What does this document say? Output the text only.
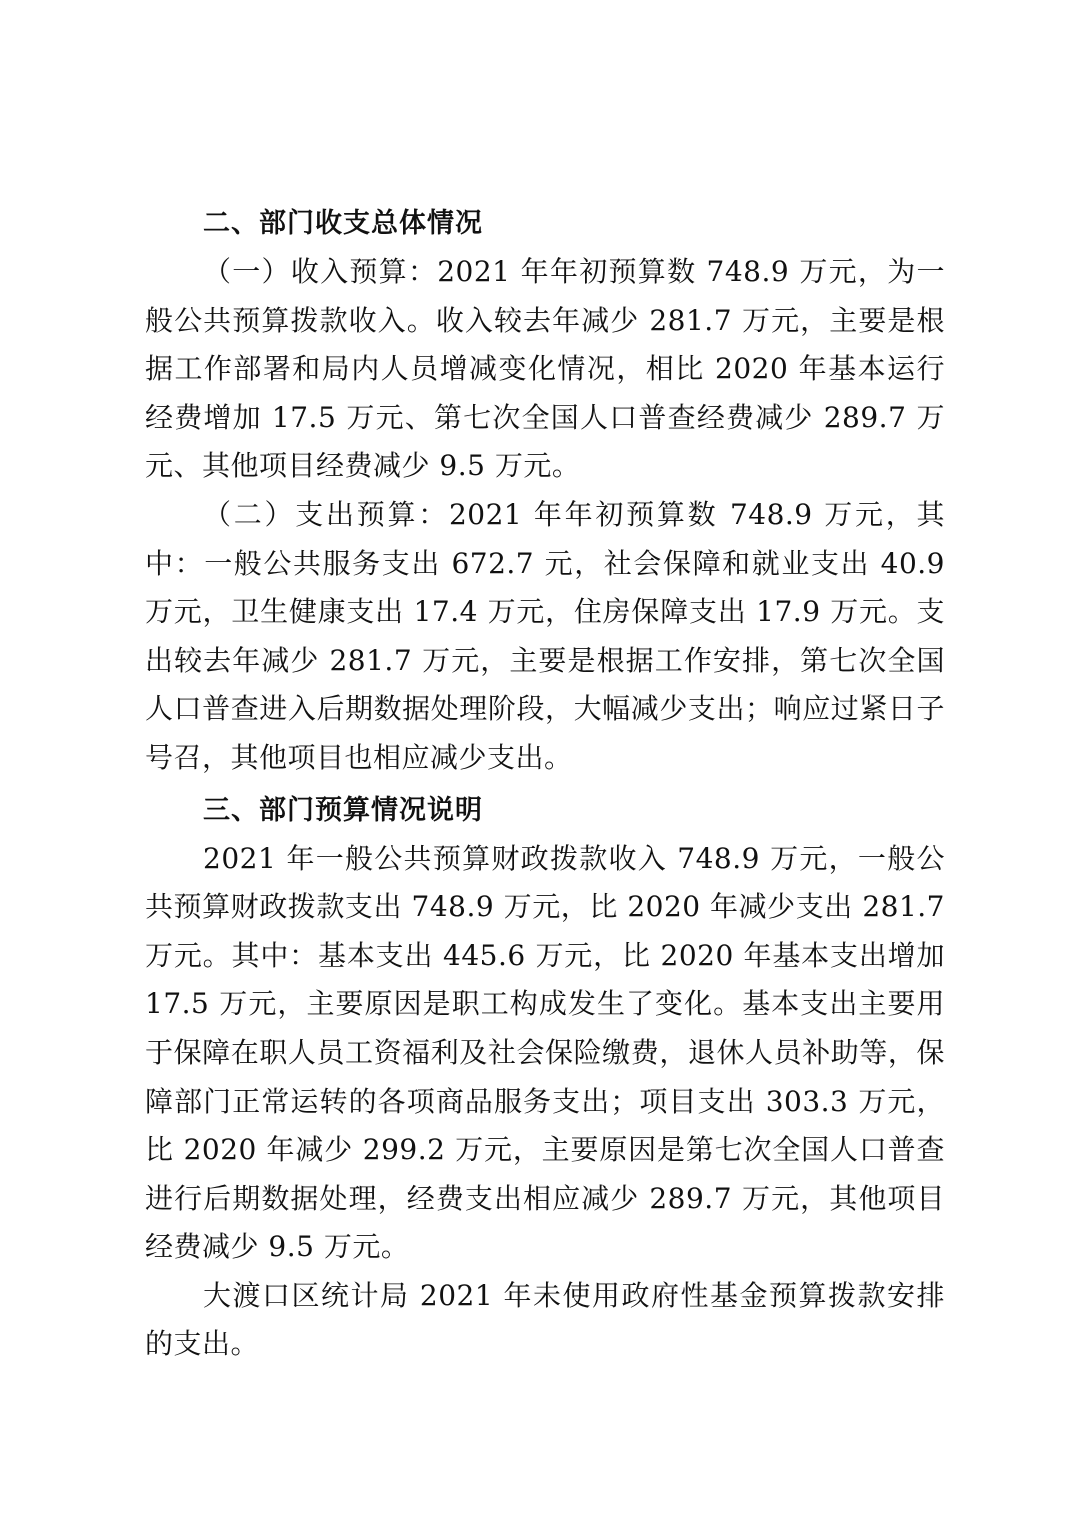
二、部门收支总体情况

（一）收入预算：2021 年年初预算数 748.9 万元，为一般公共预算拨款收入。收入较去年减少 281.7 万元，主要是根据工作部署和局内人员增减变化情况，相比 2020 年基本运行经费增加 17.5 万元、第七次全国人口普查经费减少 289.7 万元、其他项目经费减少 9.5 万元。

（二）支出预算：2021 年年初预算数 748.9 万元，其中：一般公共服务支出 672.7 元，社会保障和就业支出 40.9 万元，卫生健康支出 17.4 万元，住房保障支出 17.9 万元。支出较去年减少 281.7 万元，主要是根据工作安排，第七次全国人口普查进入后期数据处理阶段，大幅减少支出；响应过紧日子号召，其他项目也相应减少支出。

三、部门预算情况说明

2021 年一般公共预算财政拨款收入 748.9 万元，一般公共预算财政拨款支出 748.9 万元，比 2020 年减少支出 281.7 万元。其中：基本支出 445.6 万元，比 2020 年基本支出增加 17.5 万元，主要原因是职工构成发生了变化。基本支出主要用于保障在职人员工资福利及社会保险缴费，退休人员补助等，保障部门正常运转的各项商品服务支出；项目支出 303.3 万元，比 2020 年减少 299.2 万元，主要原因是第七次全国人口普查进行后期数据处理，经费支出相应减少 289.7 万元，其他项目经费减少 9.5 万元。

大渡口区统计局 2021 年未使用政府性基金预算拨款安排的支出。
